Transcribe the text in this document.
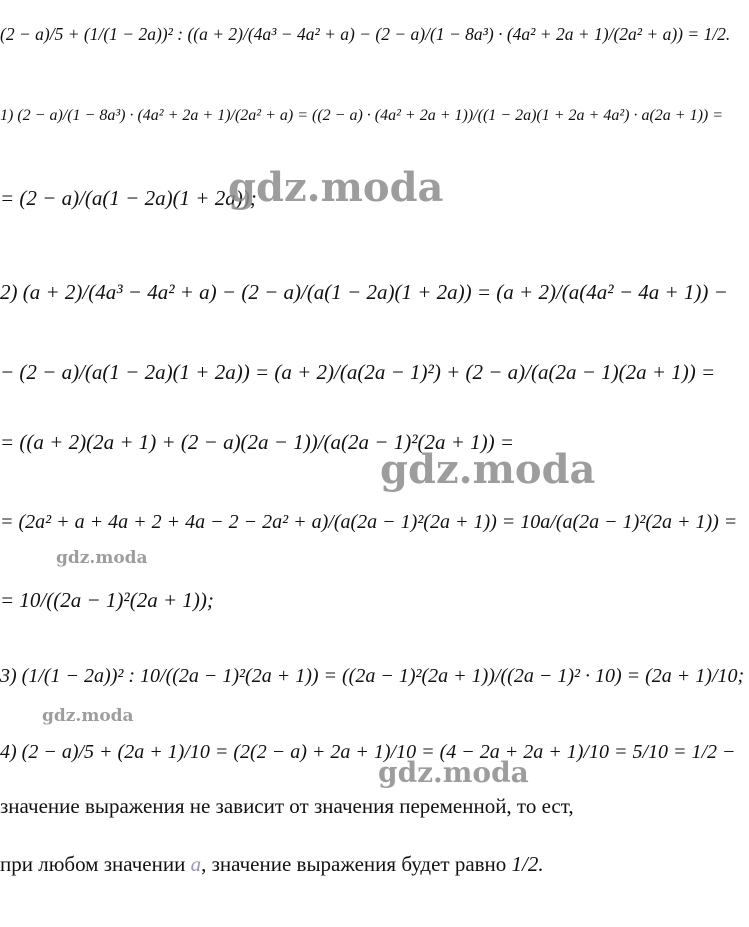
(2 − a)/5 + (1/(1 − 2a))² : ((a + 2)/(4a³ − 4a² + a) − (2 − a)/(1 − 8a³) · (4a² + 2a + 1)/(2a² + a)) = 1/2.
1) (2 − a)/(1 − 8a³) · (4a² + 2a + 1)/(2a² + a) = ((2 − a) · (4a² + 2a + 1))/((1 − 2a)(1 + 2a + 4a²) · a(2a + 1)) =
= (2 − a)/(a(1 − 2a)(1 + 2a));
2) (a + 2)/(4a³ − 4a² + a) − (2 − a)/(a(1 − 2a)(1 + 2a)) = (a + 2)/(a(4a² − 4a + 1)) −
− (2 − a)/(a(1 − 2a)(1 + 2a)) = (a + 2)/(a(2a − 1)²) + (2 − a)/(a(2a − 1)(2a + 1)) =
= ((a + 2)(2a + 1) + (2 − a)(2a − 1))/(a(2a − 1)²(2a + 1)) =
= (2a² + a + 4a + 2 + 4a − 2 − 2a² + a)/(a(2a − 1)²(2a + 1)) = 10a/(a(2a − 1)²(2a + 1)) =
= 10/((2a − 1)²(2a + 1));
3) (1/(1 − 2a))² : 10/((2a − 1)²(2a + 1)) = ((2a − 1)²(2a + 1))/((2a − 1)² · 10) = (2a + 1)/10;
4) (2 − a)/5 + (2a + 1)/10 = (2(2 − a) + 2a + 1)/10 = (4 − 2a + 2a + 1)/10 = 5/10 = 1/2 −
значение выражения не зависит от значения переменной, то ест,
при любом значении a, значение выражения будет равно 1/2.
gdz.moda
gdz.moda
gdz.moda
gdz.moda
gdz.moda
